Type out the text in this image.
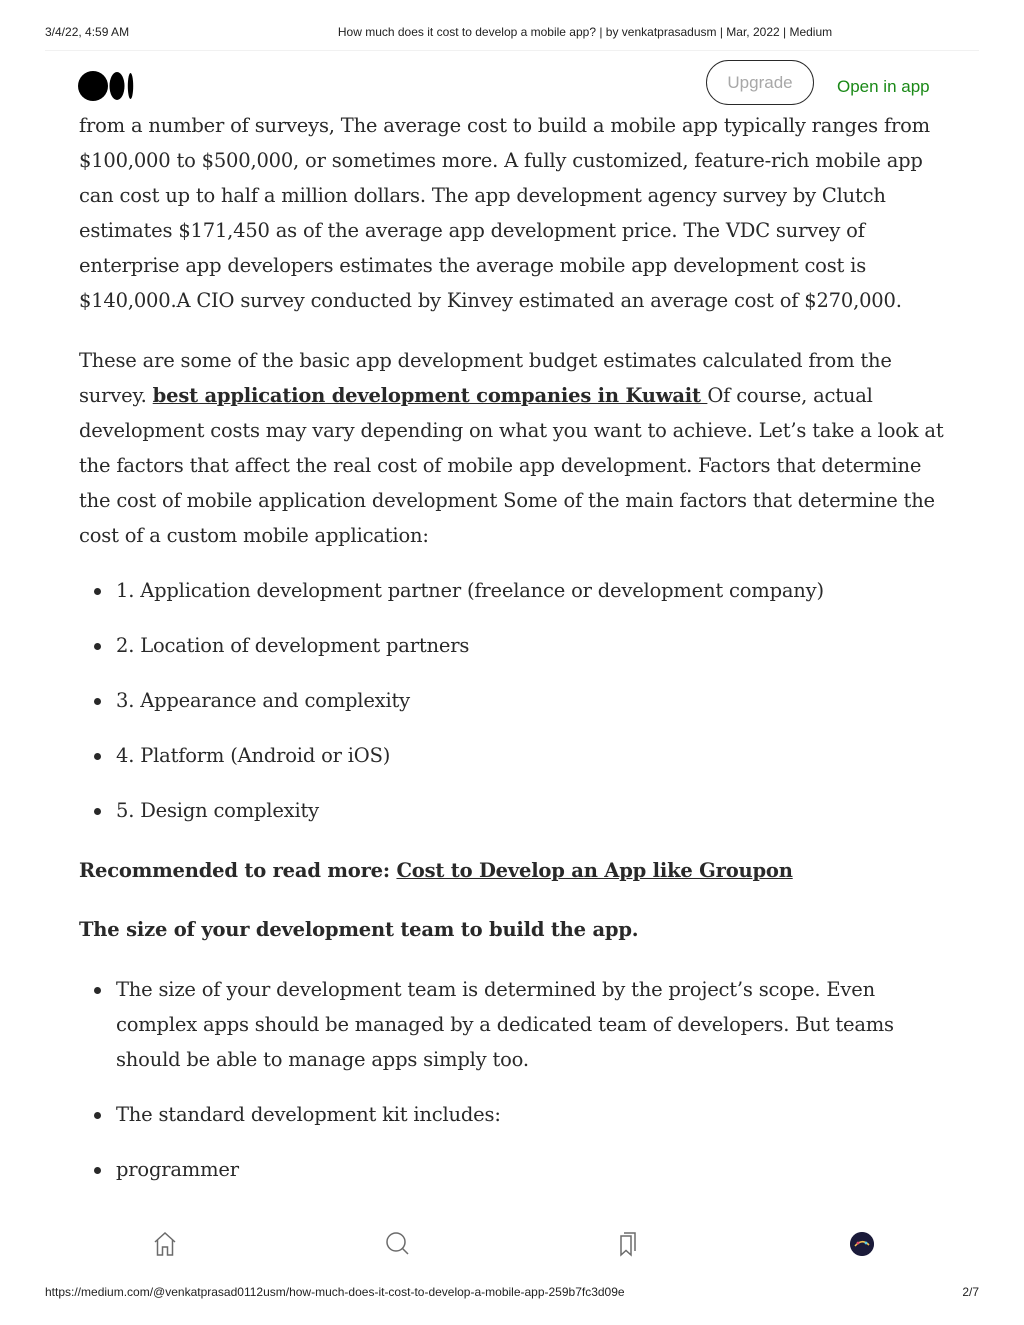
3/4/22, 4:59 AM	How much does it cost to develop a mobile app? | by venkatprasadusm | Mar, 2022 | Medium
Upgrade	Open in app

from a number of surveys, The average cost to build a mobile app typically ranges from $100,000 to $500,000, or sometimes more. A fully customized, feature-rich mobile app can cost up to half a million dollars. The app development agency survey by Clutch estimates $171,450 as of the average app development price. The VDC survey of enterprise app developers estimates the average mobile app development cost is $140,000.A CIO survey conducted by Kinvey estimated an average cost of $270,000.

These are some of the basic app development budget estimates calculated from the survey. best application development companies in Kuwait Of course, actual development costs may vary depending on what you want to achieve. Let’s take a look at the factors that affect the real cost of mobile app development. Factors that determine the cost of mobile application development Some of the main factors that determine the cost of a custom mobile application:

1. Application development partner (freelance or development company)
2. Location of development partners
3. Appearance and complexity
4. Platform (Android or iOS)
5. Design complexity

Recommended to read more: Cost to Develop an App like Groupon

The size of your development team to build the app.

The size of your development team is determined by the project’s scope. Even complex apps should be managed by a dedicated team of developers. But teams should be able to manage apps simply too.
The standard development kit includes:
programmer
https://medium.com/@venkatprasad0112usm/how-much-does-it-cost-to-develop-a-mobile-app-259b7fc3d09e	2/7
